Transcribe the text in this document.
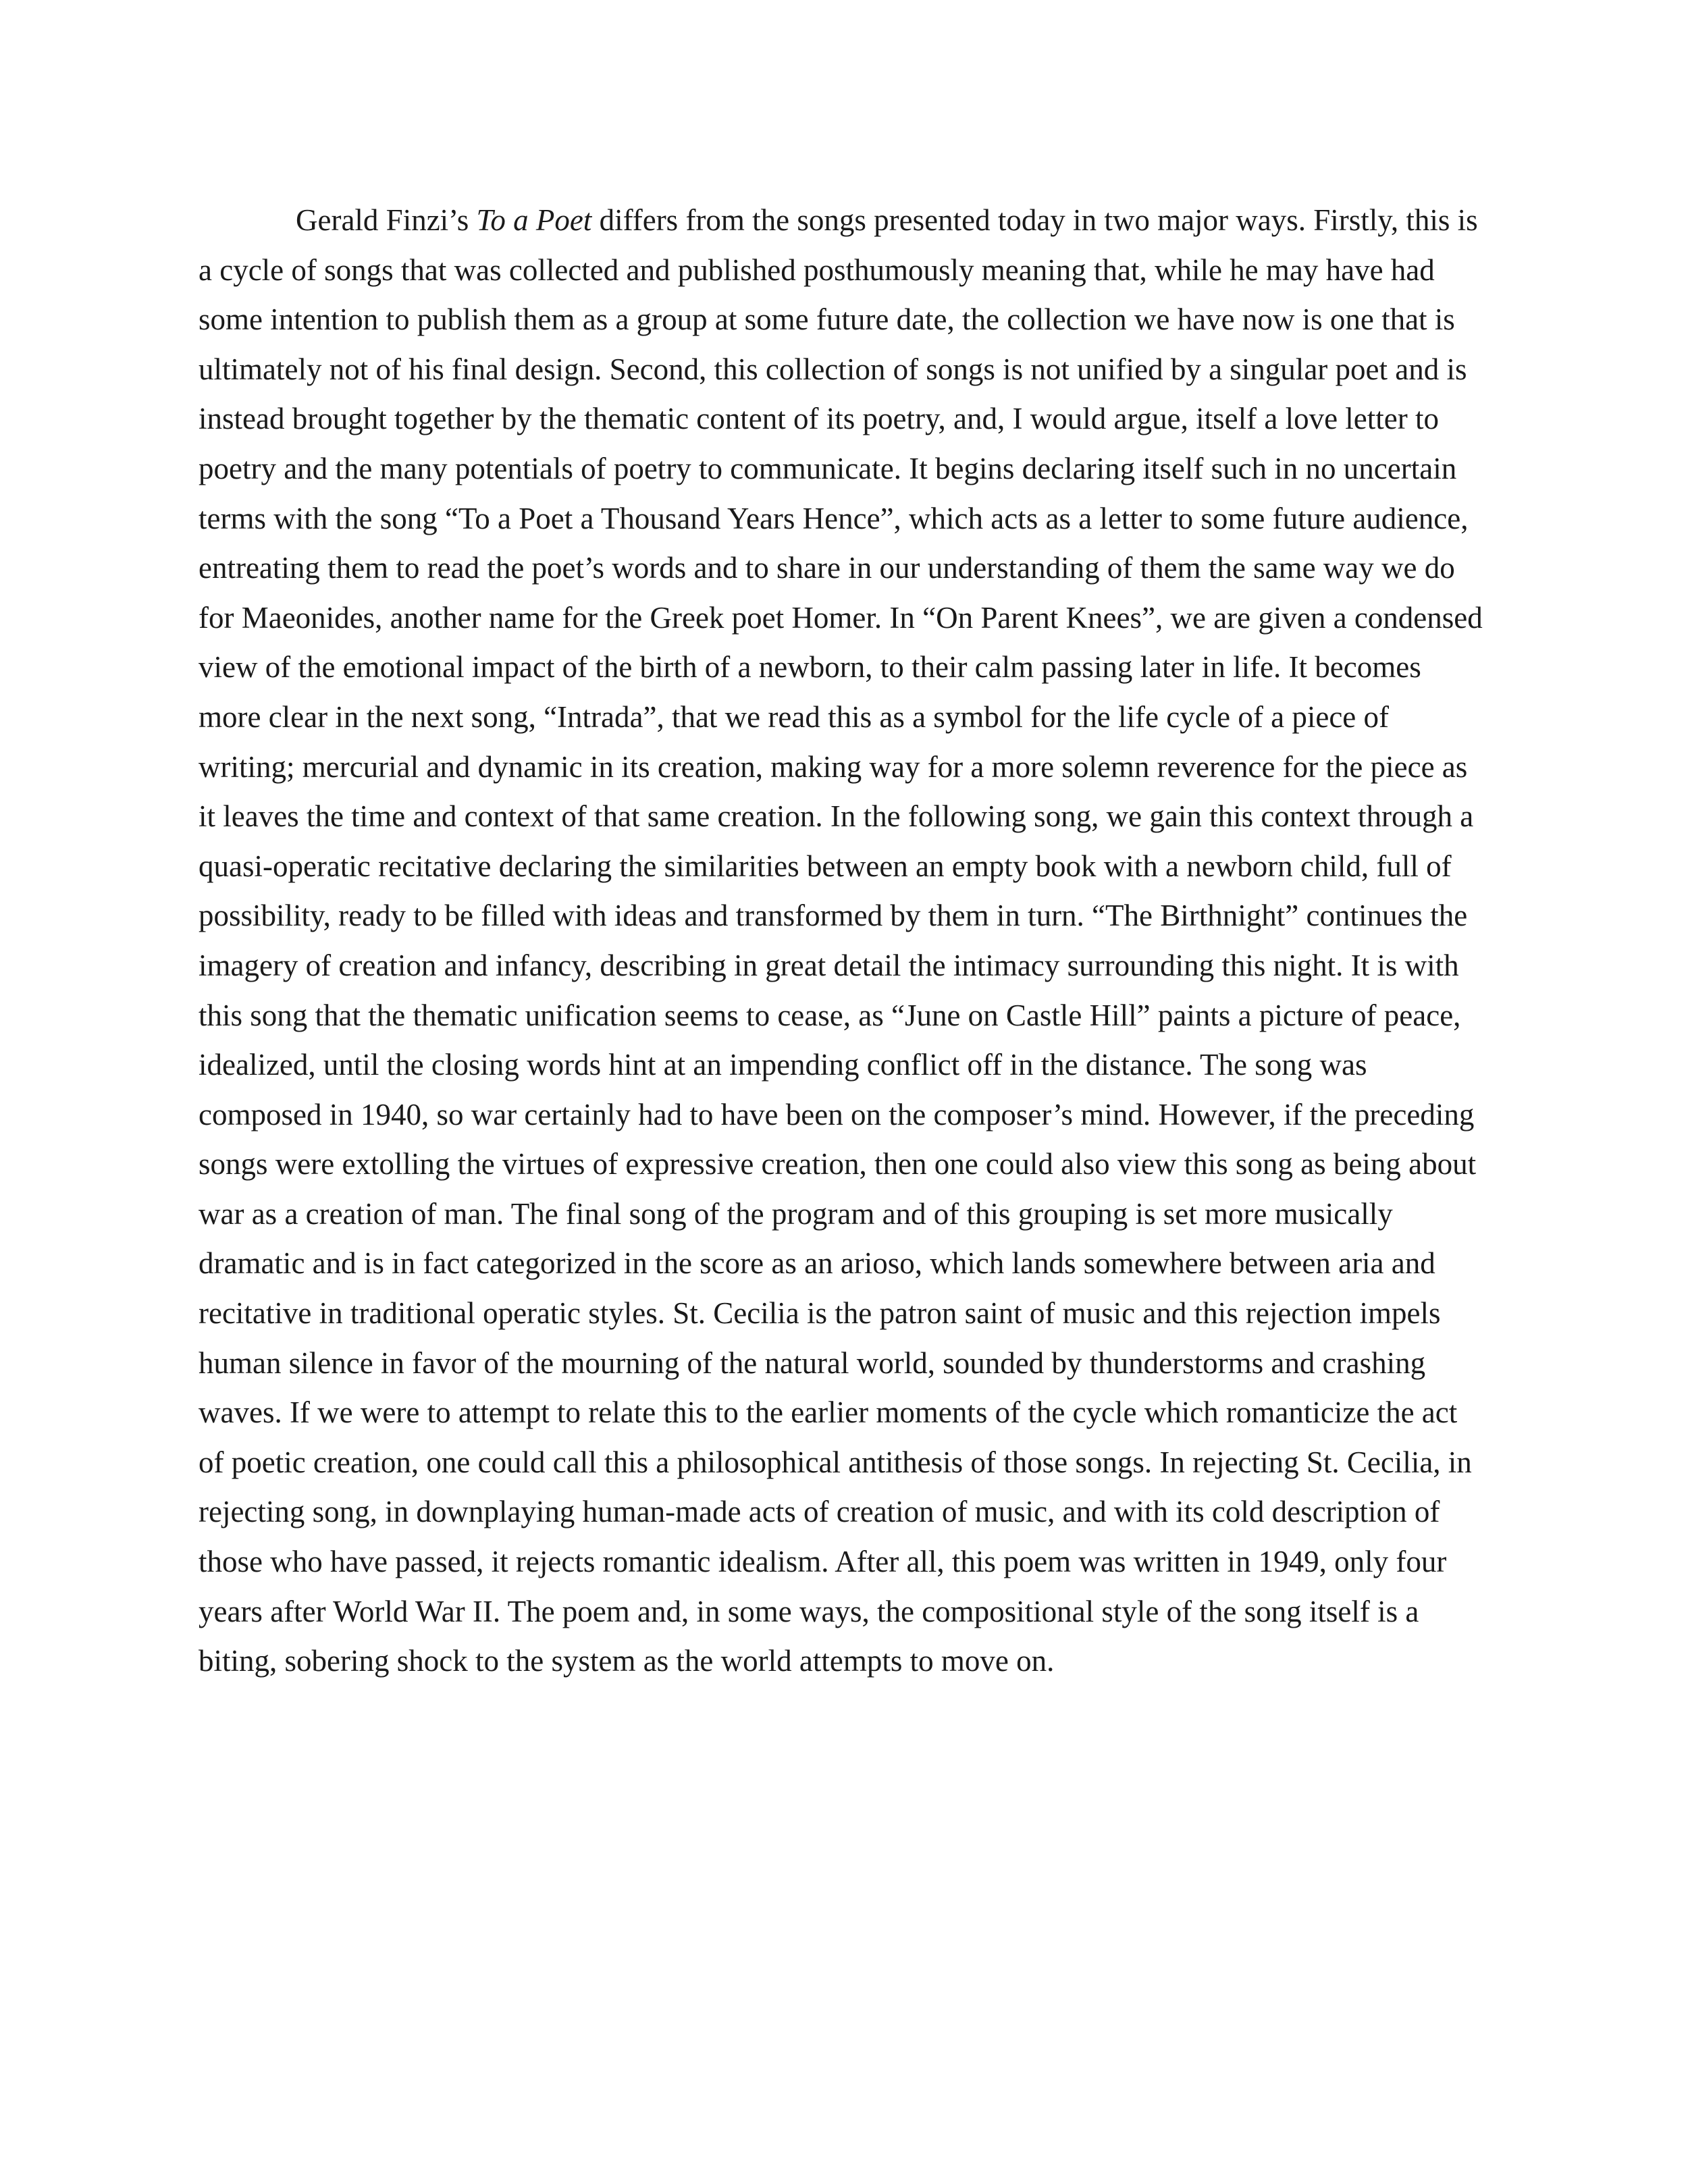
Gerald Finzi’s To a Poet differs from the songs presented today in two major ways. Firstly, this is a cycle of songs that was collected and published posthumously meaning that, while he may have had some intention to publish them as a group at some future date, the collection we have now is one that is ultimately not of his final design. Second, this collection of songs is not unified by a singular poet and is instead brought together by the thematic content of its poetry, and, I would argue, itself a love letter to poetry and the many potentials of poetry to communicate. It begins declaring itself such in no uncertain terms with the song “To a Poet a Thousand Years Hence”, which acts as a letter to some future audience, entreating them to read the poet’s words and to share in our understanding of them the same way we do for Maeonides, another name for the Greek poet Homer. In “On Parent Knees”, we are given a condensed view of the emotional impact of the birth of a newborn, to their calm passing later in life. It becomes more clear in the next song, “Intrada”, that we read this as a symbol for the life cycle of a piece of writing; mercurial and dynamic in its creation, making way for a more solemn reverence for the piece as it leaves the time and context of that same creation. In the following song, we gain this context through a quasi-operatic recitative declaring the similarities between an empty book with a newborn child, full of possibility, ready to be filled with ideas and transformed by them in turn. “The Birthnight” continues the imagery of creation and infancy, describing in great detail the intimacy surrounding this night. It is with this song that the thematic unification seems to cease, as “June on Castle Hill” paints a picture of peace, idealized, until the closing words hint at an impending conflict off in the distance. The song was composed in 1940, so war certainly had to have been on the composer’s mind. However, if the preceding songs were extolling the virtues of expressive creation, then one could also view this song as being about war as a creation of man. The final song of the program and of this grouping is set more musically dramatic and is in fact categorized in the score as an arioso, which lands somewhere between aria and recitative in traditional operatic styles. St. Cecilia is the patron saint of music and this rejection impels human silence in favor of the mourning of the natural world, sounded by thunderstorms and crashing waves. If we were to attempt to relate this to the earlier moments of the cycle which romanticize the act of poetic creation, one could call this a philosophical antithesis of those songs. In rejecting St. Cecilia, in rejecting song, in downplaying human-made acts of creation of music, and with its cold description of those who have passed, it rejects romantic idealism. After all, this poem was written in 1949, only four years after World War II. The poem and, in some ways, the compositional style of the song itself is a biting, sobering shock to the system as the world attempts to move on.
